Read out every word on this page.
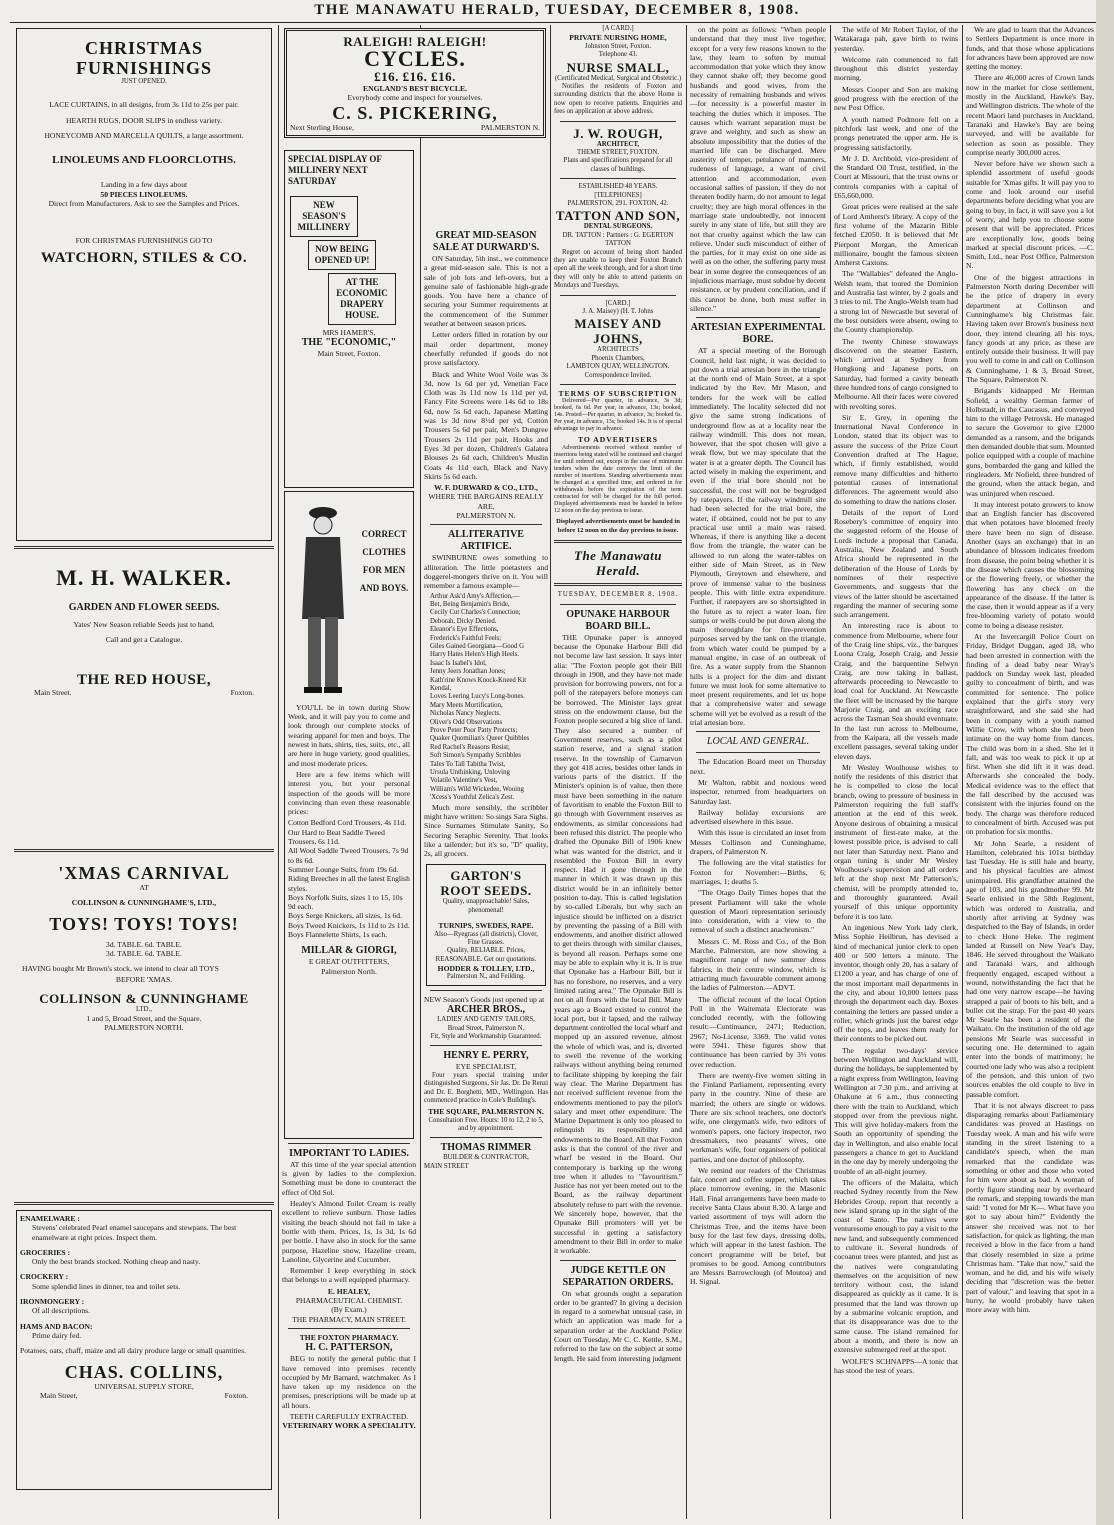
THE MANAWATU HERALD, TUESDAY, DECEMBER 8, 1908.
CHRISTMAS
FURNISHINGS
JUST OPENED.
LACE CURTAINS, in all designs, from 3s 11d to 25s per pair.
HEARTH RUGS, DOOR SLIPS in endless variety.
HONEYCOMB AND MARCELLA QUILTS, a large assortment.
LINOLEUMS AND FLOORCLOTHS.
Landing in a few days about
50 PIECES LINOLEUMS.
Direct from Manufacturers. Ask to see the Samples and Prices.
FOR CHRISTMAS FURNISHINGS GO TO
WATCHORN, STILES & CO.
M. H. WALKER.
GARDEN AND FLOWER SEEDS.
Yates' New Season reliable Seeds just to hand.
Call and get a Catalogue.
THE RED HOUSE,
Main Street.	Foxton.
'XMAS CARNIVAL
AT
COLLINSON & CUNNINGHAME'S, LTD.,
TOYS! TOYS! TOYS!
3d. TABLE. 6d. TABLE.
3d. TABLE. 6d. TABLE.
HAVING bought Mr Brown's stock, we intend to clear all TOYS
BEFORE 'XMAS.
COLLINSON & CUNNINGHAME
LTD.,
1 and 5, Broad Street, and the Square.
PALMERSTON NORTH.
ENAMELWARE :
Stevens' celebrated Pearl enamel saucepans and stewpans. The best enamelware at right prices. Inspect them.
GROCERIES :
Only the best brands stocked. Nothing cheap and nasty.
CROCKERY :
Some splendid lines in dinner, tea and toilet sets.
IRONMONGERY :
Of all descriptions.
HAMS AND BACON:
Prime dairy fed.
Potatoes, oats, chaff, maize and all dairy produce large or small quantities.
CHAS. COLLINS,
UNIVERSAL SUPPLY STORE,
Main Street,	Foxton.
RALEIGH! RALEIGH!
CYCLES.
£16. £16. £16.
ENGLAND'S BEST BICYCLE.
Everybody come and inspect for yourselves.
C. S. PICKERING,
Next Sterling House,	PALMERSTON N.
SPECIAL DISPLAY OF MILLINERY NEXT SATURDAY
NEW SEASON'S MILLINERY
NOW BEING OPENED UP!
AT THE ECONOMIC DRAPERY HOUSE.
MRS HAMER'S,
THE "ECONOMIC,"
Main Street, Foxton.
CORRECT CLOTHES FOR MEN AND BOYS.
YOU'LL be in town during Show Week, and it will pay you to come and look through our complete stocks of wearing apparel for men and boys. The newest in hats, shirts, ties, suits, etc., all are here in huge variety, good qualities, and most moderate prices.
Here are a few items which will interest you, but your personal inspection of the goods will be more convincing than even these reasonable prices:
Cotton Bedford Cord Trousers, 4s 11d.
Our Hard to Beat Saddle Tweed Trousers, 6s 11d.
All Wool Saddle Tweed Trousers, 7s 9d to 8s 6d.
Summer Lounge Suits, from 19s 6d.
Riding Breeches in all the latest English styles.
Boys Norfolk Suits, sizes 1 to 15, 10s 9d each.
Boys Serge Knickers, all sizes, 1s 6d.
Boys Tweed Knickers, 1s 11d to 2s 11d.
Boys Flannelette Shirts, 1s each.
MILLAR & GIORGI,
E GREAT OUTFITTERS,
Palmerston North.
IMPORTANT TO LADIES.
AT this time of the year special attention is given by ladies to the complexion. Something must be done to counteract the effect of Old Sol.
Healey's Almond Toilet Cream is really excellent to relieve sunburn. Those ladies visiting the beach should not fail to take a bottle with them. Prices, 1s, 1s 3d, 1s 6d per bottle. I have also in stock for the same purpose, Hazeline snow, Hazeline cream, Lanoline, Glycerine and Cucumber.
Remember I keep everything in stock that belongs to a well equipped pharmacy.
E. HEALEY,
PHARMACEUTICAL CHEMIST.
(By Exam.)
THE PHARMACY, MAIN STREET.
THE FOXTON PHARMACY.
H. C. PATTERSON,
BEG to notify the general public that I have removed into premises recently occupied by Mr Barnard, watchmaker. As I have taken up my residence on the premises, prescriptions will be made up at all hours.
TEETH CAREFULLY EXTRACTED.
VETERINARY WORK A SPECIALITY.
GREAT MID-SEASON SALE AT DURWARD'S.
ON Saturday, 5th inst., we commence a great mid-season sale. This is not a sale of job lots and left-overs, but a genuine sale of fashionable high-grade goods. You have here a chance of securing your Summer requirements at the commencement of the Summer weather at between season prices.
Letter orders filled in rotation by our mail order department, money cheerfully refunded if goods do not prove satisfactory.
Black and White Wool Voile was 3s 3d, now 1s 6d per yd, Venetian Face Cloth was 3s 11d now 1s 11d per yd, Fancy Fite Screens were 14s 6d to 18s 6d, now 5s 6d each, Japanese Matting was 1s 3d now 8½d per yd, Cotton Trousers 5s 6d per pair, Men's Dungree Trousers 2s 11d per pair, Hooks and Eyes 3d per dozen, Children's Galatea Blouses 2s 6d each, Children's Muslin Coats 4s 11d each, Black and Navy Skirts 5s 6d each.
W. F. DURWARD & CO., LTD.,
WHERE THE BARGAINS REALLY ARE,
PALMERSTON N.
ALLITERATIVE ARTIFICE.
SWINBURNE owes something to alliteration. The little poetasters and doggerel-mongers thrive on it. You will remember a famous example—
Arthur Ask'd Amy's Affection,—
Bet, Being Benjamin's Bride,
Cecily Cut Charles's Connection;
Deborah, Dicky Denied.
Eleanor's Eye Effections,
Frederick's Faithful Feels;
Giles Gained Georgiana—Good G
Harry Hates Helen's High Heels.
Isaac Is Isabel's Idol,
Jenny Jeers Jonathan Jones;
Kath'rine Knows Knock-Kneed Kit Kendal,
Loves Leering Lucy's Long-bones.
Mary Meets Mortification,
Nicholas Nancy Neglects.
Oliver's Odd Observations
Prove Peter Poor Patty Protects;
Quaker Quomilian's Queer Quibbles
Red Rachel's Reasons Resist;
Soft Simon's Sympathy Scribbles
Tales To Tall Tabitha Twist,
Ursula Unthinking, Unloving
Volatile Valentine's Vest,
William's Wild Wickedee, Wooing
'Xcess's Youthful Zelica's Zest.
Much more sensibly, the scribbler might have written: So sings Sara Sighs. Since Surnames Stimulate Sanity, So Securing Seraphic Serenity. That looks like a tailender; but it's so, "D" quality, 2s, all grocers.
GARTON'S ROOT SEEDS.
Quality, unapproachable! Sales, phenomenal!
TURNIPS, SWEDES, RAPE.
Also—Ryegrass (all districts), Clover, Fine Grasses.
Quality, RELIABLE. Prices, REASONABLE. Get our quotations.
HODDER & TOLLEY, LTD.,
Palmerston N., and Feilding.
NEW Season's Goods just opened up at
ARCHER BROS.,
LADIES' AND GENTS' TAILORS,
Broad Street, Palmerston N.
Fit, Style and Workmanship Guaranteed.
HENRY E. PERRY,
EYE SPECIALIST,
Four years special training under distinguished Surgeons, Sir Jas. Dr. De Renzi and Dr. E. Borghetti, MD., Wellington. Has commenced practice in Cole's Building's.
THE SQUARE, PALMERSTON N.
Consultation Free. Hours: 10 to 12, 2 to 5, and by appointment.
THOMAS RIMMER
BUILDER & CONTRACTOR,
MAIN STREET
[A CARD.]
PRIVATE NURSING HOME,
Johnston Street, Foxton.
Telephone 43.
NURSE SMALL,
(Certificated Medical, Surgical and Obstetric.)
Notifies the residents of Foxton and surrounding districts that the above Home is now open to receive patients. Enquiries and fees on application at above address.
J. W. ROUGH,
ARCHITECT,
THEME STREET, FOXTON.
Plans and specifications prepared for all classes of buildings.
ESTABLISHED 48 YEARS.
[TELEPHONES]
PALMERSTON, 291. FOXTON, 42.
TATTON AND SON,
DENTAL SURGEONS.
DR. TATTON : Partners : G. EGERTON TATTON
Regret on account of being short handed they are unable to keep their Foxton Branch open all the week through, and for a short time they will only be able to attend patients on Mondays and Tuesdays.
[CARD.]
J. A. Maisey) (H. T. Johns
MAISEY AND JOHNS,
ARCHITECTS
Phoenix Chambers,
LAMBTON QUAY, WELLINGTON.
Correspondence Invited.
TERMS OF SUBSCRIPTION
Delivered—Per quarter, in advance, 3s 3d; booked, 6s 6d. Per year, in advance, 13s; booked, 14s. Posted—Per quarter, in advance, 3s; booked 6s. Per year, in advance, 13s; booked 14s. It is of special advantage to pay in advance.
TO ADVERTISERS
Advertisements received without number of insertions being stated will be continued and charged for until ordered out, except in the case of minimum tenders when the date conveys the limit of the number of insertions. Standing advertisements must be changed at a specified time, and ordered in for withdrawals before the expiration of the term contracted for will be charged for the full period. Displayed advertisements must be handed in before 12 noon on the day previous to issue.
Displayed advertisements must be handed in before 12 noon on the day previous to issue.
The Manawatu Herald.
TUESDAY, DECEMBER 8, 1908.
OPUNAKE HARBOUR BOARD BILL.
THE Opunake paper is annoyed because the Opunake Harbour Bill did not become law last session. It says inter alia: "The Foxton people got their Bill through in 1908, and they have not made provision for borrowing powers, not for a poll of the ratepayers before moneys can be borrowed. The Minister lays great stress on the endowment clause, but the Foxton people secured a big slice of land. They also secured a number of Government reserves, such as a pilot station reserve, and a signal station reserve. In the township of Carnarvon they got 418 acres, besides other lands in various parts of the district. If the Minister's opinion is of value, then there must have been something in the nature of favoritism to enable the Foxton Bill to go through with Government reserves as endowments, as similar concessions had been refused this district. The people who drafted the Opunake Bill of 1906 knew what was wanted for the district, and it resembled the Foxton Bill in every respect. Had it gone through in the manner in which it was drawn up this district would be in an infinitely better position to-day. This is called legislation by so-called Liberals, but why such an injustice should be inflicted on a district by preventing the passing of a Bill with endowments, and another district allowed to get theirs through with similar clauses, is beyond all reason. Perhaps some one may be able to explain why it is. It is true that Opunake has a Harbour Bill, but it has no foreshore, no reserves, and a very limited rating area." The Opunake Bill is not on all fours with the local Bill. Many years ago a Board existed to control the local port, but it lapsed, and the railway department controlled the local wharf and mopped up an assured revenue, almost the whole of which was, and is, diverted to swell the revenue of the working railways without anything being returned to facilitate shipping by keeping the fair way clear. The Marine Department has not received sufficient revenue from the endowments mentioned to pay the pilot's salary and meet other expenditure. The Marine Department is only too pleased to relinquish its responsibility and endowments to the Board. All that Foxton asks is that the control of the river and wharf be vested in the Board. Our contemporary is barking up the wrong tree when it alludes to "favouritism." Justice has not yet been meted out to the Board, as the railway department absolutely refuse to part with the revenue. We sincerely hope, however, that the Opunake Bill promoters will yet be successful in getting a satisfactory amendment to their Bill in order to make it workable.
JUDGE KETTLE ON SEPARATION ORDERS.
On what grounds ought a separation order to be granted? In giving a decision in regard to a somewhat unusual case, in which an application was made for a separation order at the Auckland Police Court on Tuesday, Mr C. C. Kettle, S.M., referred to the law on the subject at some length. He said from interesting judgment
on the point as follows: "When people understand that they must live together, except for a very few reasons known to the law, they learn to soften by mutual accommodation that yoke which they know they cannot shake off; they become good husbands and good wives, from the necessity of remaining husbands and wives—for necessity is a powerful master in teaching the duties which it imposes. The causes which warrant separation must be grave and weighty, and such as show an absolute impossibility that the duties of the married life can be discharged. Mere austerity of temper, petulance of manners, rudeness of language, a want of civil attention and accommodation, even occasional sallies of passion, if they do not threaten bodily harm, do not amount to legal cruelty; they are high moral offences in the marriage state undoubtedly, not innocent surely in any state of life, but still they are not that cruelty against which the law can relieve. Under such misconduct of either of the parties, for it may exist on one side as well as on the other, the suffering party must bear in some degree the consequences of an injudicious marriage, must subdue by decent resistance, or by prudent conciliation, and if this cannot be done, both must suffer in silence."
ARTESIAN EXPERIMENTAL BORE.
AT a special meeting of the Borough Council, held last night, it was decided to put down a trial artesian bore in the triangle at the north end of Main Street, at a spot indicated by the Rev. Mr Mason, and tenders for the work will be called immediately. The locality selected did not give the same strong indications of underground flow as at a locality near the railway windmill. This does not mean, however, that the spot chosen will give a weak flow, but we may speculate that the water is at a greater depth. The Council has acted wisely in making the experiment, and even if the trial bore should not be successful, the cost will not be begrudged by ratepayers. If the railway windmill site had been selected for the trial bore, the water, if obtained, could not be put to any practical use until a main was raised. Whereas, if there is anything like a decent flow from the triangle, the water can be allowed to run along the water-tables on either side of Main Street, as in New Plymouth, Greytown and elsewhere, and prove of immense value to the business people. This with little extra expenditure. Further, if ratepayers are so shortsighted in the future as to reject a water loan, fire sumps or wells could be put down along the main thoroughfare for fire-prevention purposes served by the tank on the triangle, from which water could be pumped by a manual engine, in case of an outbreak of fire. As a water supply from the Shannon hills is a project for the dim and distant future we must look for some alternative to meet present requirements, and let us hope that a comprehensive water and sewage scheme will yet be evolved as a result of the trial artesian bore.
LOCAL AND GENERAL.
The Education Board meet on Thursday next.
Mr Walton, rabbit and noxious weed inspector, returned from headquarters on Saturday last.
Railway holiday excursions are advertised elsewhere in this issue.
With this issue is circulated an inset from Messrs Collinson and Cunninghame, drapers, of Palmerston N.
The following are the vital statistics for Foxton for November:—Births, 6; marriages, 1; deaths 5.
"The Otago Daily Times hopes that the present Parliament will take the whole question of Maori representation seriously into consideration, with a view to the removal of such a distinct anachronism."
Messrs C. M. Ross and Co., of the Bon Marche, Palmerston, are now showing a magnificent range of new summer dress fabrics, in their centre window, which is attracting much favourable comment among the ladies of Palmerston.—ADVT.
The official recount of the local Option Poll in the Waitemata Electorate was concluded recently, with the following result:—Continuance, 2471; Reduction, 2967; No-License, 3369. The valid votes were 5941. These figures show that continuance has been carried by 3⅓ votes over reduction.
There are twenty-five women sitting in the Finland Parliament, representing every party in the country. Nine of these are married; the others are single or widows. There are six school teachers, one doctor's wife, one clergyman's wife, two editors of women's papers, one factory inspector, two dressmakers, two peasants' wives, one workman's wife, four organisers of political parties, and one doctor of philosophy.
We remind our readers of the Christmas fair, concert and coffee supper, which takes place tomorrow evening, in the Masonic Hall. Final arrangements have been made to receive Santa Claus about 8.30. A large and varied assortment of toys will adorn the Christmas Tree, and the items have been busy for the last few days, dressing dolls, which will appear in the latest fashion. The concert programme will be brief, but promises to be good. Among contributors are Messrs Barrowclough (of Moutoa) and H. Signal.
The wife of Mr Robert Taylor, of the Watakaraga pah, gave birth to twins yesterday.
Welcome rain commenced to fall throughout this district yesterday morning.
Messrs Cooper and Son are making good progress with the erection of the new Post Office.
A youth named Podmore fell on a pitchfork last week, and one of the prongs penetrated the upper arm. He is progressing satisfactorily.
Mr J. D. Archbold, vice-president of the Standard Oil Trust, testified, in the Court at Missouri, that the trust owns or controls companies with a capital of £65,660,000.
Great prices were realised at the sale of Lord Amherst's library. A copy of the first volume of the Mazarin Bible fetched £2050. It is believed that Mr Pierpont Morgan, the American millionaire, bought the famous sixteen Amherst Caxtons.
The "Wallabies" defeated the Anglo-Welsh team, that toured the Dominion and Australia last winter, by 2 goals and 3 tries to nil. The Anglo-Welsh team had a strong lot of Newcastle but several of the best outsiders were absent, owing to the County championship.
The twenty Chinese stowaways discovered on the steamer Eastern, which arrived at Sydney from Hongkong and Japanese ports, on Saturday, had formed a cavity beneath three hundred tons of cargo consigned to Melbourne. All their faces were covered with revolting sores.
Sir E. Grey, in opening the International Naval Conference in London, stated that its object was to assure the success of the Prize Court Convention drafted at The Hague, which, if firmly established, would remove many difficulties and hitherto potential causes of international differences. The agreement would also do something to draw the nations closer.
Details of the report of Lord Rosebery's committee of enquiry into the suggested reform of the House of Lords include a proposal that Canada, Australia, New Zealand and South Africa should be represented in the deliberation of the House of Lords by nominees of their respective Governments, and suggests that the views of the latter should be ascertained regarding the manner of securing some such arrangement.
An interesting race is about to commence from Melbourne, where four of the Craig line ships, viz., the barques Loona Craig, Joseph Craig, and Jessie Craig, and the barquentine Selwyn Craig, are now taking in ballast, afterwards proceeding to Newcastle to load coal for Auckland. At Newcastle the fleet will be increased by the barque Marjorie Craig, and an exciting race across the Tasman Sea should eventuate. In the last run across to Melbourne, from the Kaipara, all the vessels made excellent passages, several taking under eleven days.
Mr Wesley Woolhouse wishes to notify the residents of this district that he is compelled to close the local branch, owing to pressure of business in Palmerston requiring the full staff's attention at the end of this week. Anyone desirous of obtaining a musical instrument of first-rate make, at the lowest possible price, is advised to call not later than Saturday next. Piano and organ tuning is under Mr Wesley Woolhouse's supervision and all orders left at the shop next Mr Patterson's, chemist, will be promptly attended to, and thoroughly guaranteed. Avail yourself of this unique opportunity before it is too late.
An ingenious New York lady clerk, Miss Sophie Heilbrun, has devised a kind of mechanical junior clerk to open 400 or 500 letters a minute. The inventor, though only 20, has a salary of £1200 a year, and has charge of one of the most important mail departments in the city, and about 10,000 letters pass through the department each day. Boxes containing the letters are passed under a roller, which grinds just the barest edge off the tops, and leaves them ready for their contents to be picked out.
The regular two-days' service between Wellington and Auckland will, during the holidays, be supplemented by a night express from Wellington, leaving Wellington at 7.30 p.m., and arriving at Ohakune at 6 a.m., thus connecting there with the train to Auckland, which stopped over from the previous night. This will give holiday-makers from the South an opportunity of spending the day in Wellington, and also enable local passengers a chance to get to Auckland in the one day by merely undergoing the trouble of an all-night journey.
The officers of the Malaita, which reached Sydney recently from the New Hebrides Group, report that recently a new island sprang up in the sight of the coast of Santo. The natives were venturesome enough to pay a visit to the new land, and subsequently commenced to cultivate it. Several hundreds of cocoanut trees were planted, and just as the natives were congratulating themselves on the acquisition of new territory without cost, the island disappeared as quickly as it came. It is presumed that the land was thrown up by a submarine volcanic eruption, and that its disappearance was due to the same cause. The island remained for about a month, and there is now an extensive submerged reef at the spot.
WOLFE'S SCHNAPPS—A tonic that has stood the test of years.
We are glad to learn that the Advances to Settlers Department is once more in funds, and that those whose applications for advances have been approved are now getting the money.
There are 46,000 acres of Crown lands now in the market for close settlement, mostly in the Auckland, Hawke's Bay, and Wellington districts. The whole of the recent Maori land purchases in Auckland, Taranaki and Hawke's Bay are being surveyed, and will be available for selection as soon as possible. They comprise nearly 300,000 acres.
Never before have we shown such a splendid assortment of useful goods suitable for 'Xmas gifts. It will pay you to come and look around our useful departments before deciding what you are going to buy, in fact, it will save you a lot of worry, and help you to choose some present that will be appreciated. Prices are exceptionally low, goods being marked at special discount prices. —C. Smith, Ltd., near Post Office, Palmerston N.
One of the biggest attractions in Palmerston North during December will be the price of drapery in every department at Collinson and Cunninghame's big Christmas fair. Having taken over Brown's business next door, they intend clearing all his toys, fancy goods at any price, as these are entirely outside their business. It will pay you well to come in and call on Collinson & Cunninghame, 1 & 3, Broad Street, The Square, Palmerston N.
Brigands kidnapped Mr Herman Sofield, a wealthy German farmer of Holbstadt, in the Caucasus, and conveyed him to the village Petrovsk. He managed to secure the Governor to give £2000 demanded as a ransom, and the brigands then demanded double that sum. Mounted police equipped with a couple of machine guns, bombarded the gang and killed the ringleaders. Mr Nofield, three hundred of the ground, when the attack began, and was uninjured when rescued.
It may interest potato growers to know that an English fancier has discovered that when potatoes have bloomed freely there have been no sign of disease. Another (says an exchange) that in an abundance of blossom indicates freedom from disease, the point being whether it is the disease which causes the blossoming or the flowering freely, or whether the flowering has any check on the appearance of the disease. If the latter is the case, then it would appear as if a very free-blooming variety of potato would come to being a disease resister.
At the Invercargill Police Court on Friday, Bridget Duggan, aged 18, who had been arrested in connection with the finding of a dead baby near Wray's paddock on Sunday week last, pleaded guilty to concealment of birth, and was committed for sentence. The police explained that the girl's story very straightforward, and she said she had been in company with a youth named Willie Crow, with whom she had been intimate on the way home from dances. The child was born in a shed. She let it fall, and was too weak to pick it up at first. When she did lift it it was dead. Afterwards she concealed the body. Medical evidence was to the effect that the fall described by the accused was consistent with the injuries found on the body. The charge was therefore reduced to concealment of birth. Accused was put on probation for six months.
Mr John Searle, a resident of Hamilton, celebrated his 101st birthday last Tuesday. He is still hale and hearty, and his physical faculties are almost unimpaired. His grandfather attained the age of 103, and his grandmother 99. Mr Searle enlisted in the 58th Regiment, which was ordered to Australia, and shortly after arriving at Sydney was despatched to the Bay of Islands, in order to check Hone Heke. The regiment landed at Russell on New Year's Day, 1846. He served throughout the Waikato and Taranaki wars, and although frequently engaged, escaped without a wound, notwithstanding the fact that he had one very narrow escape—he having strapped a pair of boots to his belt, and a bullet cut the strap. For the past 40 years Mr Searle has been a resident of the Waikato. On the institution of the old age pensions Mr Searle was successful in securing one. He determined to again enter into the bonds of matrimony; he courted one lady who was also a recipient of the pension, and this union of two sources enables the old couple to live in passable comfort.
That it is not always discreet to pass disparaging remarks about Parliamentary candidates was proved at Hastings on Tuesday week. A man and his wife were standing in the street listening to a candidate's speech, when the man remarked that the candidate was something or other and those who voted for him were about as bad. A woman of portly figure standing near by overheard the remark, and stepping towards the man said: "I voted for Mr K—. What have you got to say about him?" Evidently the answer she received was not to her satisfaction, for quick as lighting, the man received a blow in the face from a hand that closely resembled in size a prime Christmas ham. "Take that now," said the woman, and he did, and his wife wisely deciding that "discretion was the better part of valour," and leaving that spot in a hurry, he would probably have taken more away with him.
